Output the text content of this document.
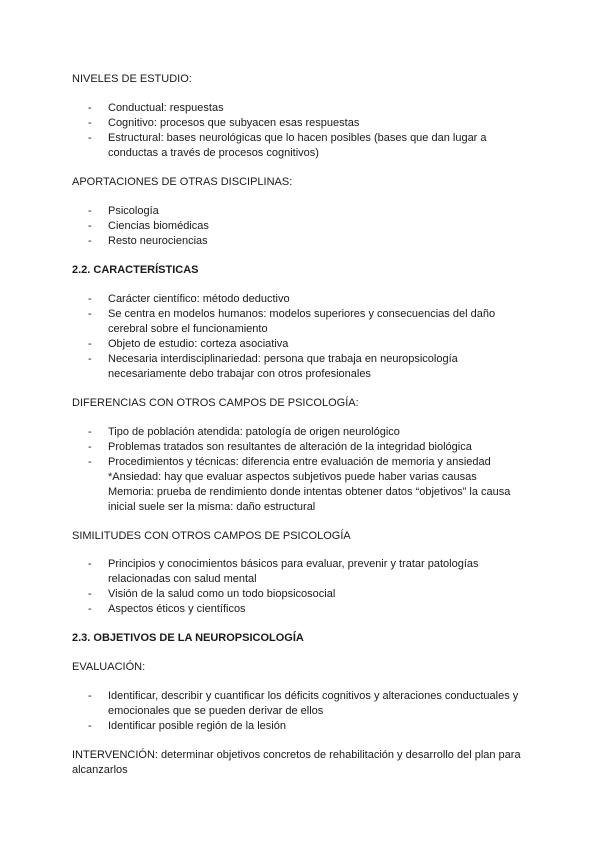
NIVELES DE ESTUDIO:
- Conductual: respuestas
- Cognitivo: procesos que subyacen esas respuestas
- Estructural: bases neurológicas que lo hacen posibles (bases que dan lugar a
conductas a través de procesos cognitivos)
APORTACIONES DE OTRAS DISCIPLINAS:
- Psicología
- Ciencias biomédicas
- Resto neurociencias
2.2. CARACTERÍSTICAS
- Carácter científico: método deductivo
- Se centra en modelos humanos: modelos superiores y consecuencias del daño
cerebral sobre el funcionamiento
- Objeto de estudio: corteza asociativa
- Necesaria interdisciplinariedad: persona que trabaja en neuropsicología
necesariamente debo trabajar con otros profesionales
DIFERENCIAS CON OTROS CAMPOS DE PSICOLOGÍA:
- Tipo de población atendida: patología de origen neurológico
- Problemas tratados son resultantes de alteración de la integridad biológica
- Procedimientos y técnicas: diferencia entre evaluación de memoria y ansiedad
*Ansiedad: hay que evaluar aspectos subjetivos puede haber varias causas
Memoria: prueba de rendimiento donde intentas obtener datos “objetivos” la causa
inicial suele ser la misma: daño estructural
SIMILITUDES CON OTROS CAMPOS DE PSICOLOGÍA
- Principios y conocimientos básicos para evaluar, prevenir y tratar patologías
relacionadas con salud mental
- Visión de la salud como un todo biopsicosocial
- Aspectos éticos y científicos
2.3. OBJETIVOS DE LA NEUROPSICOLOGÍA
EVALUACIÓN:
- Identificar, describir y cuantificar los déficits cognitivos y alteraciones conductuales y
emocionales que se pueden derivar de ellos
- Identificar posible región de la lesión
INTERVENCIÓN: determinar objetivos concretos de rehabilitación y desarrollo del plan para
alcanzarlos
